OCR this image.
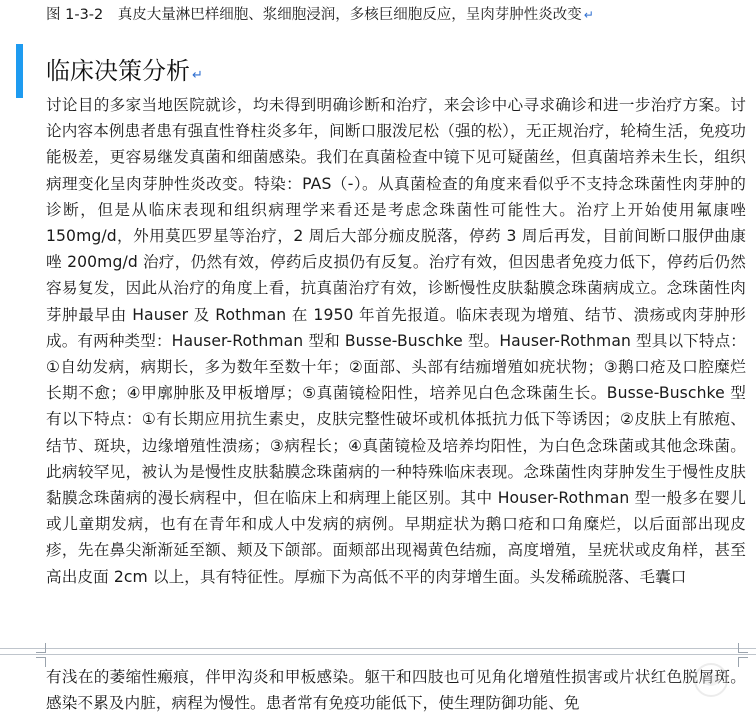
图 1-3-2　真皮大量淋巴样细胞、浆细胞浸润，多核巨细胞反应，呈肉芽肿性炎改变 ↵
临床决策分析 ↵

讨论目的多家当地医院就诊，均未得到明确诊断和治疗，来会诊中心寻求确诊和进一步治疗方案。讨论内容本例患者患有强直性脊柱炎多年，间断口服泼尼松（强的松），无正规治疗，轮椅生活，免疫功能极差，更容易继发真菌和细菌感染。我们在真菌检查中镜下见可疑菌丝，但真菌培养未生长，组织病理变化呈肉芽肿性炎改变。特染：PAS（-）。从真菌检查的角度来看似乎不支持念珠菌性肉芽肿的诊断，但是从临床表现和组织病理学来看还是考虑念珠菌性可能性大。治疗上开始使用氟康唑 150mg/d，外用莫匹罗星等治疗，2 周后大部分痂皮脱落，停药 3 周后再发，目前间断口服伊曲康唑 200mg/d 治疗，仍然有效，停药后皮损仍有反复。治疗有效，但因患者免疫力低下，停药后仍然容易复发，因此从治疗的角度上看，抗真菌治疗有效，诊断慢性皮肤黏膜念珠菌病成立。念珠菌性肉芽肿最早由 Hauser 及 Rothman 在 1950 年首先报道。临床表现为增殖、结节、溃疡或肉芽肿形成。有两种类型：Hauser-Rothman 型和 Busse-Buschke 型。Hauser-Rothman 型具以下特点：①自幼发病，病期长，多为数年至数十年；②面部、头部有结痂增殖如疣状物；③鹅口疮及口腔糜烂长期不愈；④甲廓肿胀及甲板增厚；⑤真菌镜检阳性，培养见白色念珠菌生长。Busse-Buschke 型有以下特点：①有长期应用抗生素史，皮肤完整性破坏或机体抵抗力低下等诱因；②皮肤上有脓疱、结节、斑块，边缘增殖性溃疡；③病程长；④真菌镜检及培养均阳性，为白色念珠菌或其他念珠菌。此病较罕见，被认为是慢性皮肤黏膜念珠菌病的一种特殊临床表现。念珠菌性肉芽肿发生于慢性皮肤黏膜念珠菌病的漫长病程中，但在临床上和病理上能区别。其中 Houser-Rothman 型一般多在婴儿或儿童期发病，也有在青年和成人中发病的病例。早期症状为鹅口疮和口角糜烂，以后面部出现皮疹，先在鼻尖渐渐延至额、颊及下颌部。面颊部出现褐黄色结痂，高度增殖，呈疣状或皮角样，甚至高出皮面 2cm 以上，具有特征性。厚痂下为高低不平的肉芽增生面。头发稀疏脱落、毛囊口

有浅在的萎缩性瘢痕，伴甲沟炎和甲板感染。躯干和四肢也可见角化增殖性损害或片状红色脱屑斑。感染不累及内脏，病程为慢性。患者常有免疫功能低下，使生理防御功能、免
